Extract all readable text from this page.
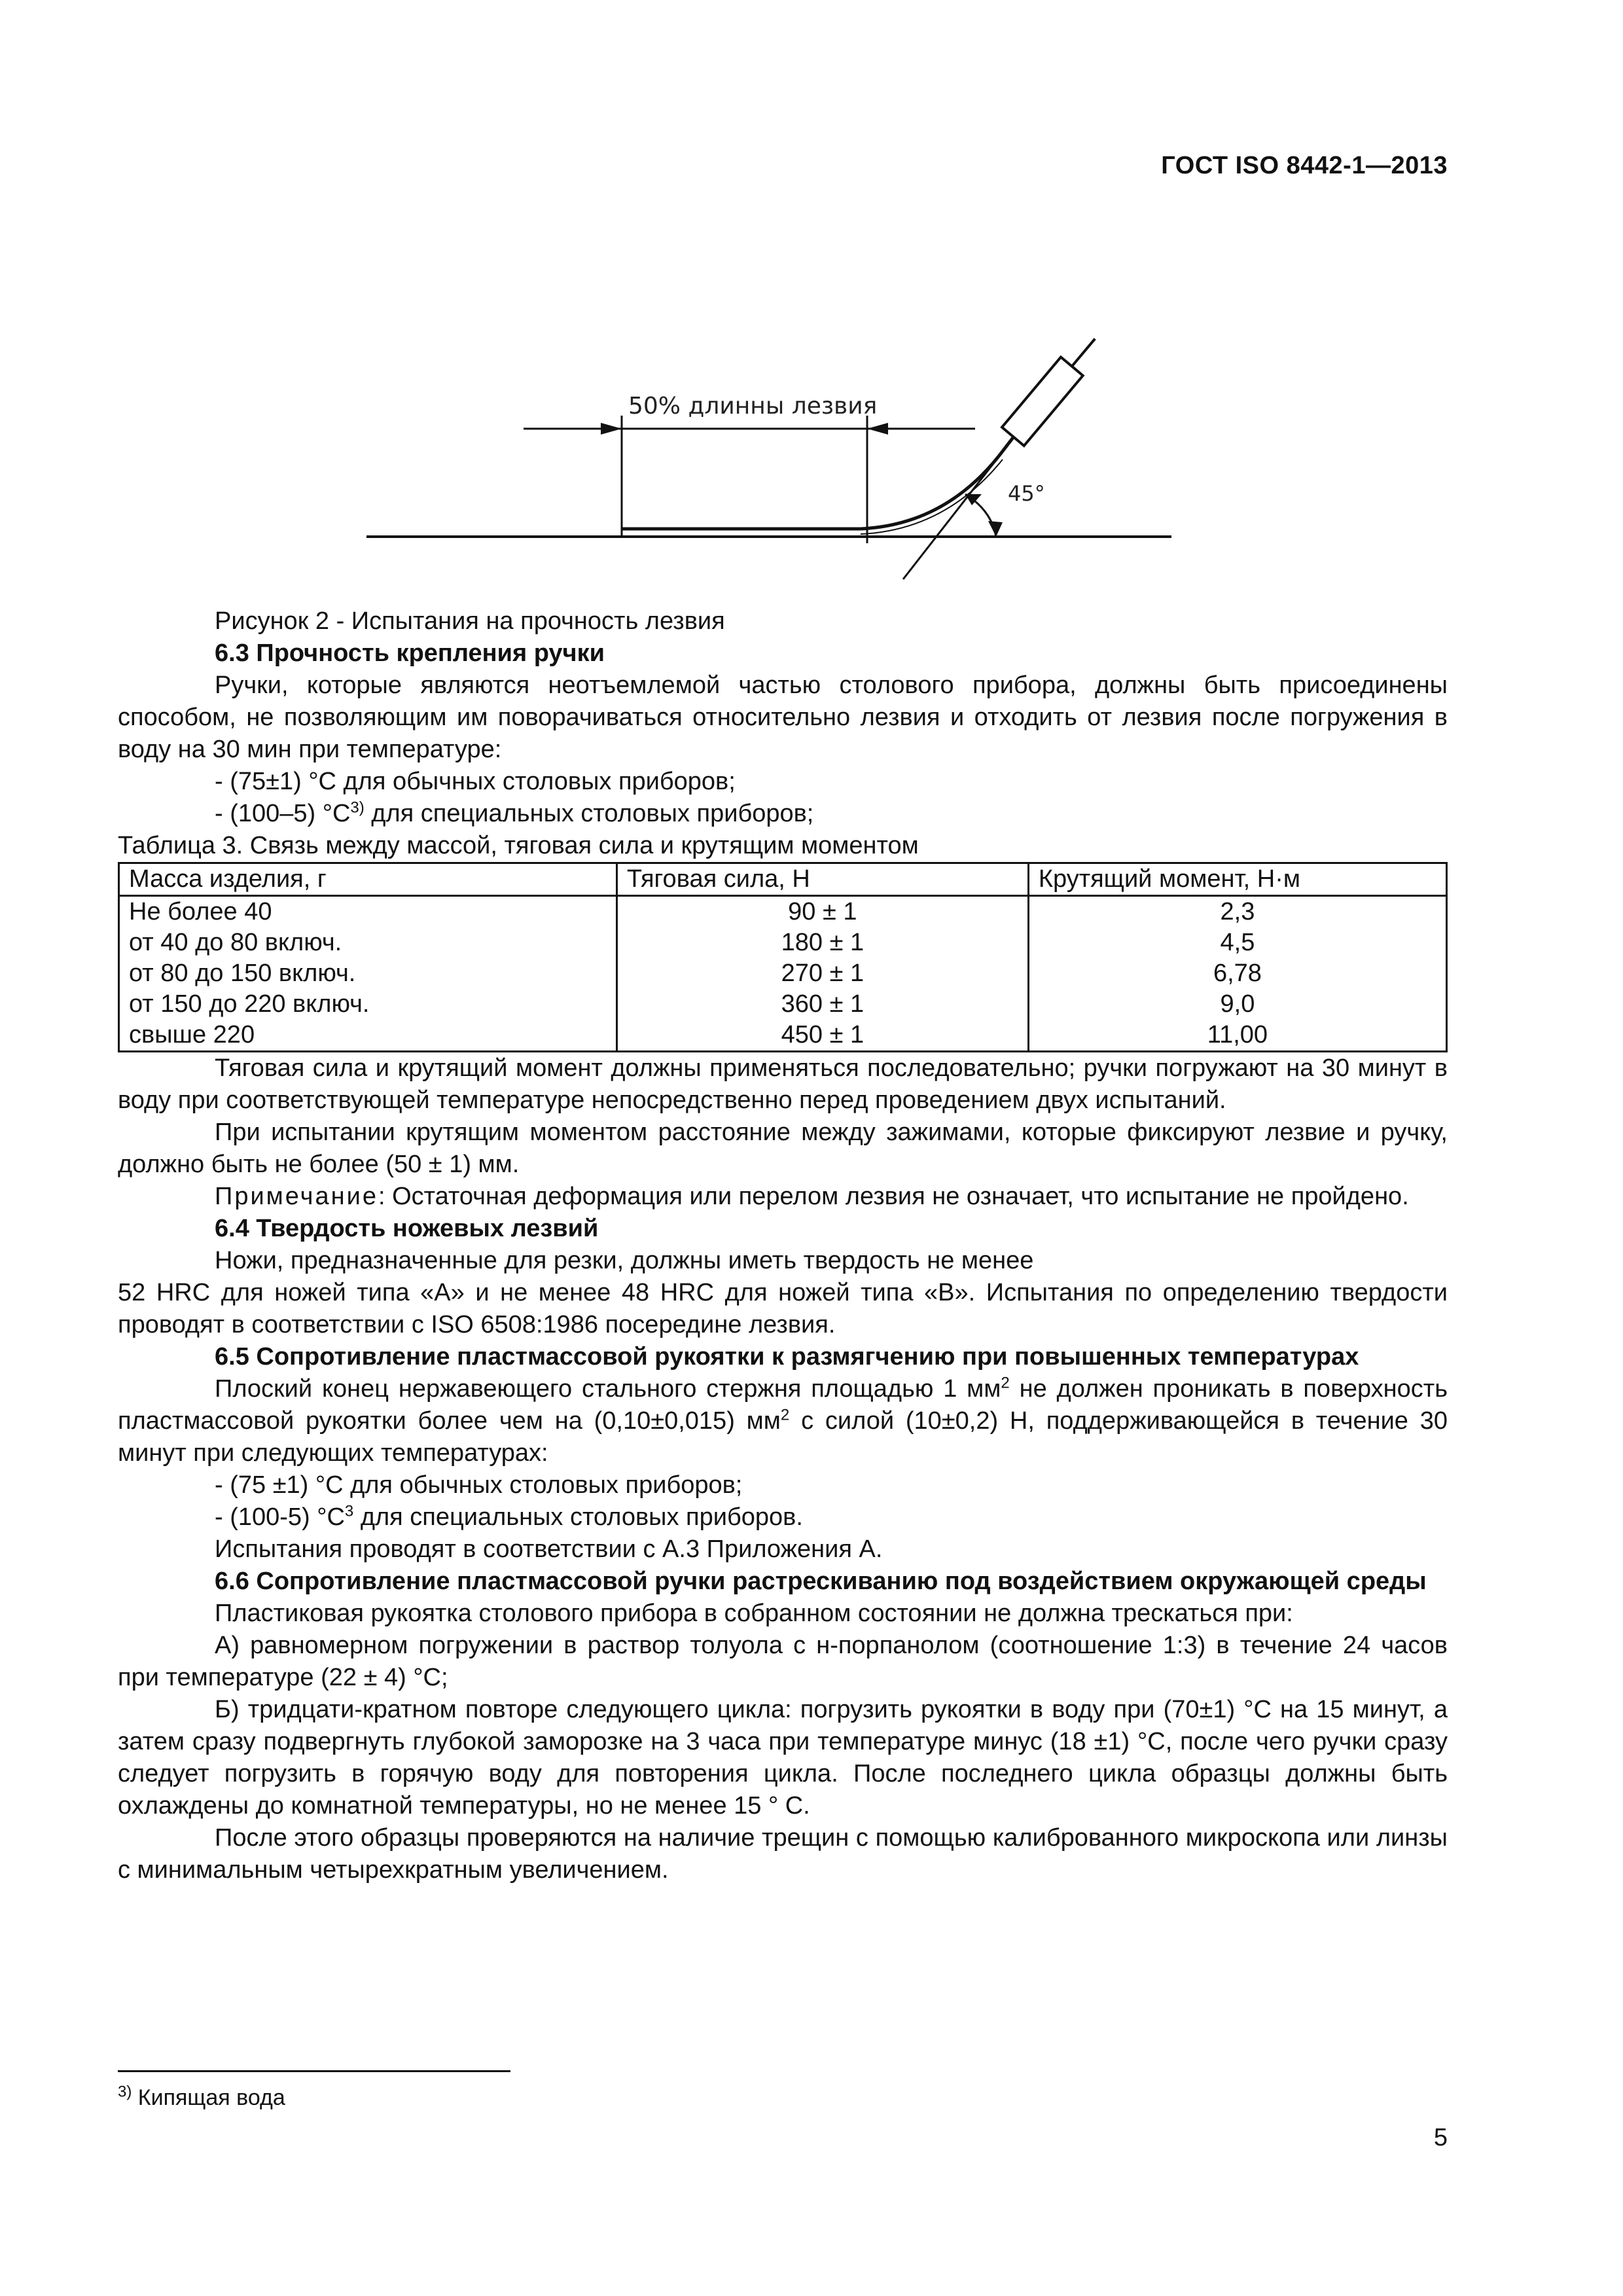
ГОСТ ISO 8442-1—2013
50% длинны лезвия
45°

Рисунок 2 - Испытания на прочность лезвия

6.3 Прочность крепления ручки

Ручки, которые являются неотъемлемой частью столового прибора, должны быть присоединены способом, не позволяющим им поворачиваться относительно лезвия и отходить от лезвия после погружения в воду на 30 мин при температуре:

- (75±1) °С для обычных столовых приборов;

- (100–5) $^\circ С^{3)}$ для специальных столовых приборов;

Таблица 3. Связь между массой, тяговая сила и крутящим моментом

Масса изделия, г	Тяговая сила, Н	Крутящий момент, Н·м
Не более 40	90 ± 1	2,3
от 40 до 80 включ.	180 ± 1	4,5
от 80 до 150 включ.	270 ± 1	6,78
от 150 до 220 включ.	360 ± 1	9,0
свыше 220	450 ± 1	11,00

Тяговая сила и крутящий момент должны применяться последовательно; ручки погружают на 30 минут в воду при соответствующей температуре непосредственно перед проведением двух испытаний.

При испытании крутящим моментом расстояние между зажимами, которые фиксируют лезвие и ручку, должно быть не более (50 ± 1) мм.

Примечание: Остаточная деформация или перелом лезвия не означает, что испытание не пройдено.

6.4 Твердость ножевых лезвий

Ножи, предназначенные для резки, должны иметь твердость не менее

52 HRC для ножей типа «А» и не менее 48 HRC для ножей типа «В». Испытания по определению твердости проводят в соответствии с ISO 6508:1986 посередине лезвия.

6.5 Сопротивление пластмассовой рукоятки к размягчению при повышенных температурах

Плоский конец нержавеющего стального стержня площадью 1 $мм^2$ не должен проникать в поверхность пластмассовой рукоятки более чем на (0,10±0,015) $мм^2$ с силой (10±0,2) Н, поддерживающейся в течение 30 минут при следующих температурах:

- (75 ±1) °С для обычных столовых приборов;

- (100-5) $^\circ С^3$ для специальных столовых приборов.

Испытания проводят в соответствии с А.3 Приложения А.

6.6 Сопротивление пластмассовой ручки растрескиванию под воздействием окружающей среды

Пластиковая рукоятка столового прибора в собранном состоянии не должна трескаться при:

А) равномерном погружении в раствор толуола с н-порпанолом (соотношение 1:3) в течение 24 часов при температуре (22 ± 4) °С;

Б) тридцати-кратном повторе следующего цикла: погрузить рукоятки в воду при (70±1) °С на 15 минут, а затем сразу подвергнуть глубокой заморозке на 3 часа при температуре минус (18 ±1) °С, после чего ручки сразу следует погрузить в горячую воду для повторения цикла. После последнего цикла образцы должны быть охлаждены до комнатной температуры, но не менее 15 ° С.

После этого образцы проверяются на наличие трещин с помощью калиброванного микроскопа или линзы с минимальным четырехкратным увеличением.

$^{3)}$ Кипящая вода
5
